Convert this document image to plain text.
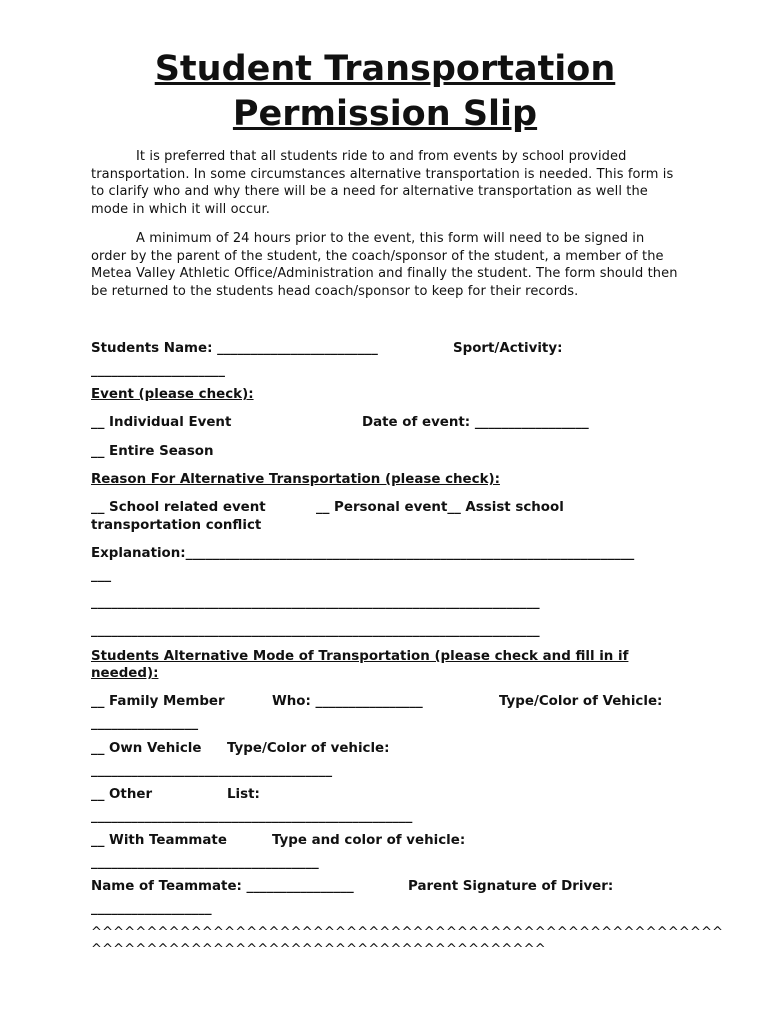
Student Transportation
Permission Slip
It is preferred that all students ride to and from events by school provided transportation. In some circumstances alternative transportation is needed. This form is to clarify who and why there will be a need for alternative transportation as well the mode in which it will occur.
A minimum of 24 hours prior to the event, this form will need to be signed in order by the parent of the student, the coach/sponsor of the student, a member of the Metea Valley Athletic Office/Administration and finally the student. The form should then be returned to the students head coach/sponsor to keep for their records.
Students Name: ________________________	Sport/Activity:
____________________
Event (please check):
__ Individual Event	Date of event: _________________
__ Entire Season
Reason For Alternative Transportation (please check):
__ School related event	__ Personal event__ Assist school
transportation conflict
Explanation:___________________________________________________________________
___
___________________________________________________________________
___________________________________________________________________
Students Alternative Mode of Transportation (please check and fill in if
needed):
__ Family Member	Who: ________________	Type/Color of Vehicle:
________________
__ Own Vehicle Type/Color of vehicle:
____________________________________
__ Other	List:
________________________________________________
__ With Teammate	Type and color of vehicle:
__________________________________
Name of Teammate: ________________	Parent Signature of Driver:
__________________
^^^^^^^^^^^^^^^^^^^^^^^^^^^^^^^^^^^^^^^^^^^^^^^^^^^^^^^^^
^^^^^^^^^^^^^^^^^^^^^^^^^^^^^^^^^^^^^^^^^
